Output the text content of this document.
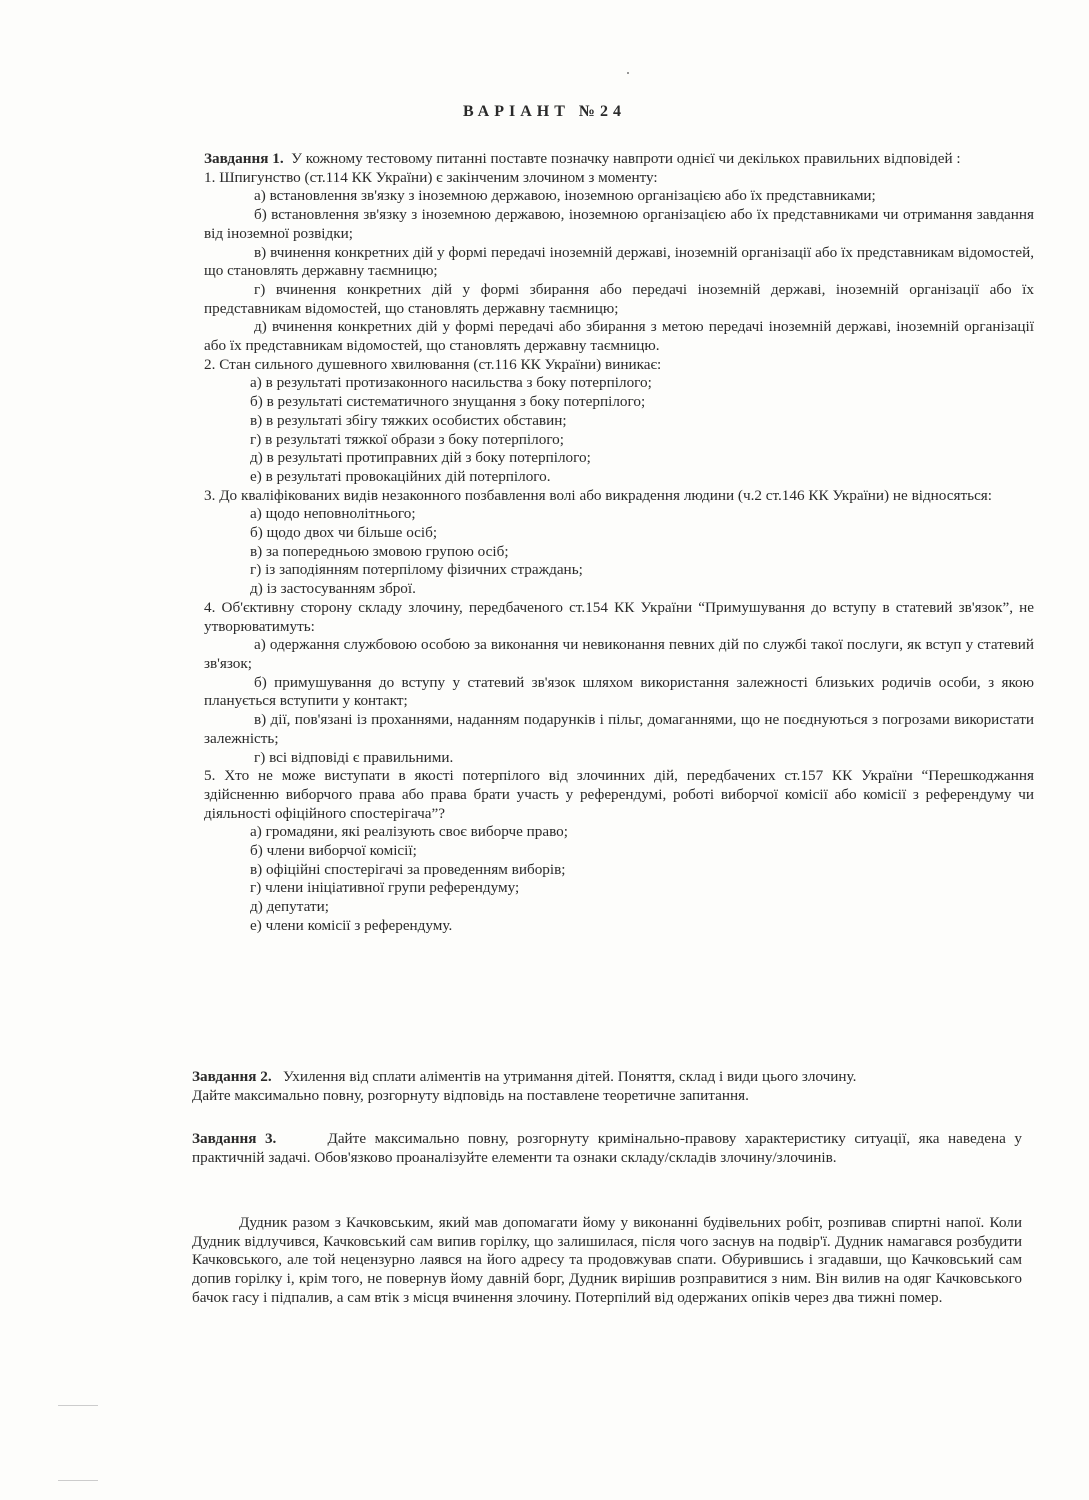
ВАРІАНТ №24

Завдання 1. У кожному тестовому питанні поставте позначку навпроти однієї чи декількох правильних відповідей :

1. Шпигунство (ст.114 КК України) є закінченим злочином з моменту:

а) встановлення зв'язку з іноземною державою, іноземною організацією або їх представниками;

б) встановлення зв'язку з іноземною державою, іноземною організацією або їх представниками чи отримання завдання від іноземної розвідки;

в) вчинення конкретних дій у формі передачі іноземній державі, іноземній організації або їх представникам відомостей, що становлять державну таємницю;

г) вчинення конкретних дій у формі збирання або передачі іноземній державі, іноземній організації або їх представникам відомостей, що становлять державну таємницю;

д) вчинення конкретних дій у формі передачі або збирання з метою передачі іноземній державі, іноземній організації або їх представникам відомостей, що становлять державну таємницю.

2. Стан сильного душевного хвилювання (ст.116 КК України) виникає:

а) в результаті протизаконного насильства з боку потерпілого;

б) в результаті систематичного знущання з боку потерпілого;

в) в результаті збігу тяжких особистих обставин;

г) в результаті тяжкої образи з боку потерпілого;

д) в результаті протиправних дій з боку потерпілого;

е) в результаті провокаційних дій потерпілого.

3. До кваліфікованих видів незаконного позбавлення волі або викрадення людини (ч.2 ст.146 КК України) не відносяться:

а) щодо неповнолітнього;

б) щодо двох чи більше осіб;

в) за попередньою змовою групою осіб;

г) із заподіянням потерпілому фізичних страждань;

д) із застосуванням зброї.

4. Об'єктивну сторону складу злочину, передбаченого ст.154 КК України “Примушування до вступу в статевий зв'язок”, не утворюватимуть:

а) одержання службовою особою за виконання чи невиконання певних дій по службі такої послуги, як вступ у статевий зв'язок;

б) примушування до вступу у статевий зв'язок шляхом використання залежності близьких родичів особи, з якою планується вступити у контакт;

в) дії, пов'язані із проханнями, наданням подарунків і пільг, домаганнями, що не поєднуються з погрозами використати залежність;

г) всі відповіді є правильними.

5. Хто не може виступати в якості потерпілого від злочинних дій, передбачених ст.157 КК України “Перешкоджання здійсненню виборчого права або права брати участь у референдумі, роботі виборчої комісії або комісії з референдуму чи діяльності офіційного спостерігача”?

а) громадяни, які реалізують своє виборче право;

б) члени виборчої комісії;

в) офіційні спостерігачі за проведенням виборів;

г) члени ініціативної групи референдуму;

д) депутати;

е) члени комісії з референдуму.

Завдання 2. Ухилення від сплати аліментів на утримання дітей. Поняття, склад і види цього злочину.

Дайте максимально повну, розгорнуту відповідь на поставлене теоретичне запитання.

Завдання 3.	Дайте максимально повну, розгорнуту кримінально-правову характеристику ситуації, яка наведена у практичній задачі. Обов'язково проаналізуйте елементи та ознаки складу/складів злочину/злочинів.

Дудник разом з Качковським, який мав допомагати йому у виконанні будівельних робіт, розпивав спиртні напої. Коли Дудник відлучився, Качковський сам випив горілку, що залишилася, після чого заснув на подвір'ї. Дудник намагався розбудити Качковського, але той нецензурно лаявся на його адресу та продовжував спати. Обурившись і згадавши, що Качковський сам допив горілку і, крім того, не повернув йому давній борг, Дудник вирішив розправитися з ним. Він вилив на одяг Качковського бачок гасу і підпалив, а сам втік з місця вчинення злочину. Потерпілий від одержаних опіків через два тижні помер.
